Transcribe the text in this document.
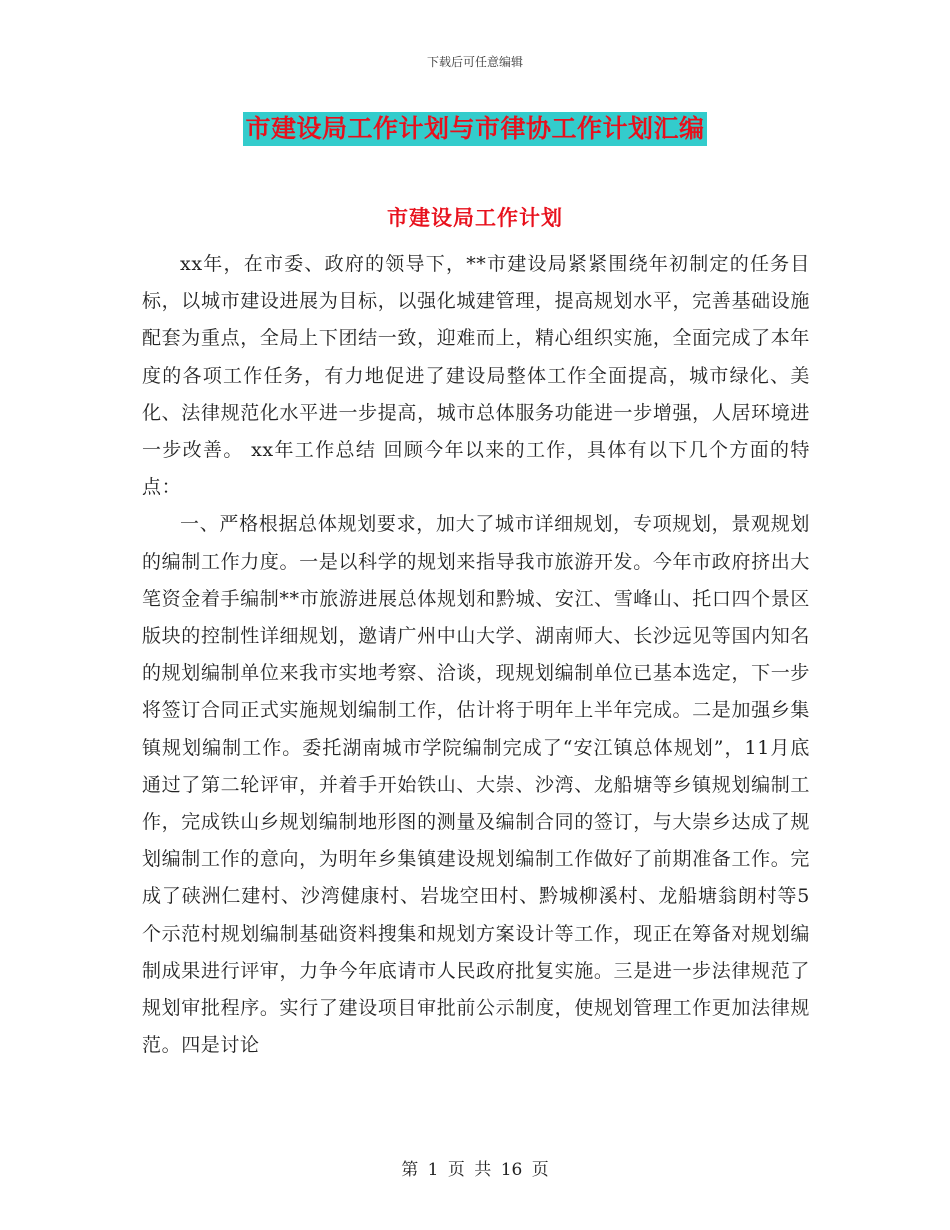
下载后可任意编辑
市建设局工作计划与市律协工作计划汇编
市建设局工作计划

xx年，在市委、政府的领导下，**市建设局紧紧围绕年初制定的任务目标，以城市建设进展为目标，以强化城建管理，提高规划水平，完善基础设施配套为重点，全局上下团结一致，迎难而上，精心组织实施，全面完成了本年度的各项工作任务，有力地促进了建设局整体工作全面提高，城市绿化、美化、法律规范化水平进一步提高，城市总体服务功能进一步增强，人居环境进一步改善。 xx年工作总结 回顾今年以来的工作，具体有以下几个方面的特点：

一、严格根据总体规划要求，加大了城市详细规划，专项规划，景观规划的编制工作力度。一是以科学的规划来指导我市旅游开发。今年市政府挤出大笔资金着手编制**市旅游进展总体规划和黔城、安江、雪峰山、托口四个景区版块的控制性详细规划，邀请广州中山大学、湖南师大、长沙远见等国内知名的规划编制单位来我市实地考察、洽谈，现规划编制单位已基本选定，下一步将签订合同正式实施规划编制工作，估计将于明年上半年完成。二是加强乡集镇规划编制工作。委托湖南城市学院编制完成了“安江镇总体规划”，11月底通过了第二轮评审，并着手开始铁山、大崇、沙湾、龙船塘等乡镇规划编制工作，完成铁山乡规划编制地形图的测量及编制合同的签订，与大崇乡达成了规划编制工作的意向，为明年乡集镇建设规划编制工作做好了前期准备工作。完成了硖洲仁建村、沙湾健康村、岩垅空田村、黔城柳溪村、龙船塘翁朗村等5个示范村规划编制基础资料搜集和规划方案设计等工作，现正在筹备对规划编制成果进行评审，力争今年底请市人民政府批复实施。三是进一步法律规范了规划审批程序。实行了建设项目审批前公示制度，使规划管理工作更加法律规范。四是讨论

第 1 页 共 16 页
